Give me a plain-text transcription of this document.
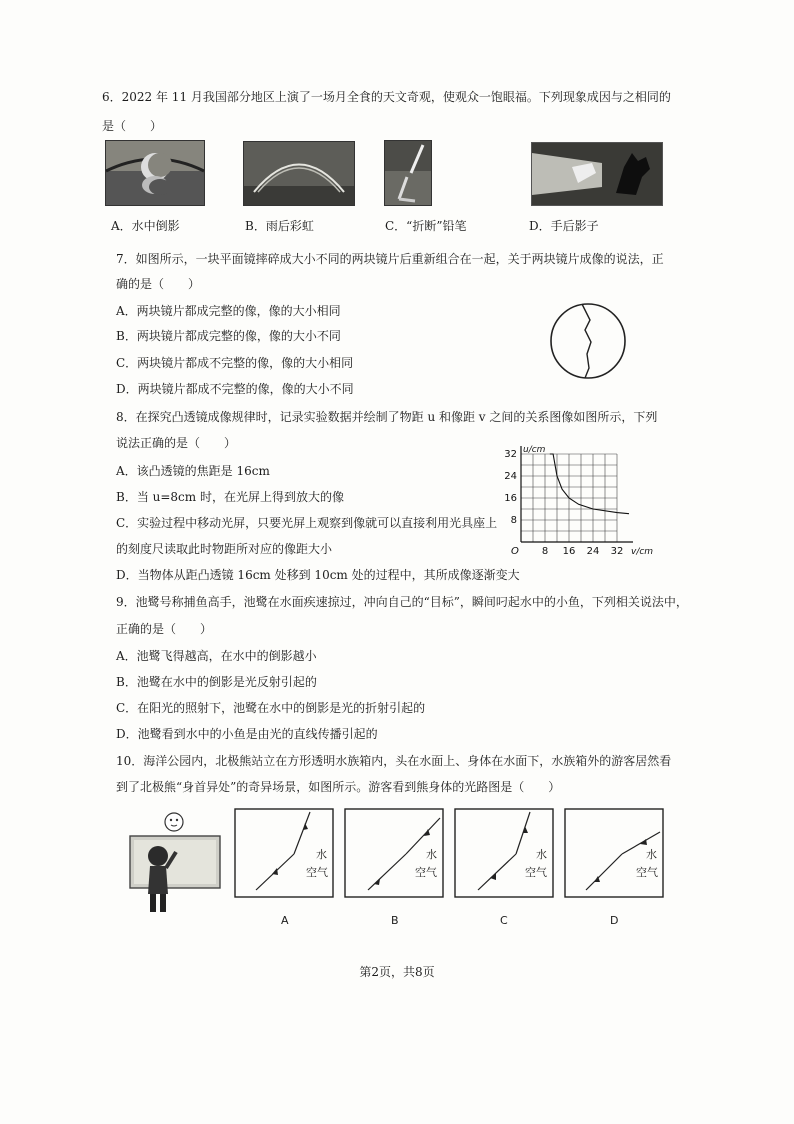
6．2022 年 11 月我国部分地区上演了一场月全食的天文奇观，使观众一饱眼福。下列现象成因与之相同的
是（　　）
A．水中倒影	B．雨后彩虹	C．“折断”铅笔	D．手后影子
7．如图所示，一块平面镜摔碎成大小不同的两块镜片后重新组合在一起，关于两块镜片成像的说法，正
确的是（　　）
A．两块镜片都成完整的像，像的大小相同
B．两块镜片都成完整的像，像的大小不同
C．两块镜片都成不完整的像，像的大小相同
D．两块镜片都成不完整的像，像的大小不同
8．在探究凸透镜成像规律时，记录实验数据并绘制了物距 u 和像距 v 之间的关系图像如图所示，下列
说法正确的是（　　）
A．该凸透镜的焦距是 16cm
B．当 u=8cm 时，在光屏上得到放大的像
C．实验过程中移动光屏，只要光屏上观察到像就可以直接利用光具座上
的刻度尺读取此时物距所对应的像距大小
D．当物体从距凸透镜 16cm 处移到 10cm 处的过程中，其所成像逐渐变大
8 16 24 32
8
16
24
32
O	v/cm
u/cm
9．池鹭号称捕鱼高手，池鹭在水面疾速掠过，冲向自己的“目标”，瞬间叼起水中的小鱼，下列相关说法中，
正确的是（　　）
A．池鹭飞得越高，在水中的倒影越小
B．池鹭在水中的倒影是光反射引起的
C．在阳光的照射下，池鹭在水中的倒影是光的折射引起的
D．池鹭看到水中的小鱼是由光的直线传播引起的
10．海洋公园内，北极熊站立在方形透明水族箱内，头在水面上、身体在水面下，水族箱外的游客居然看
到了北极熊“身首异处”的奇异场景，如图所示。游客看到熊身体的光路图是（　　）
水
空气
水
空气
水
空气
水
空气
A	B	C	D
第2页，共8页
